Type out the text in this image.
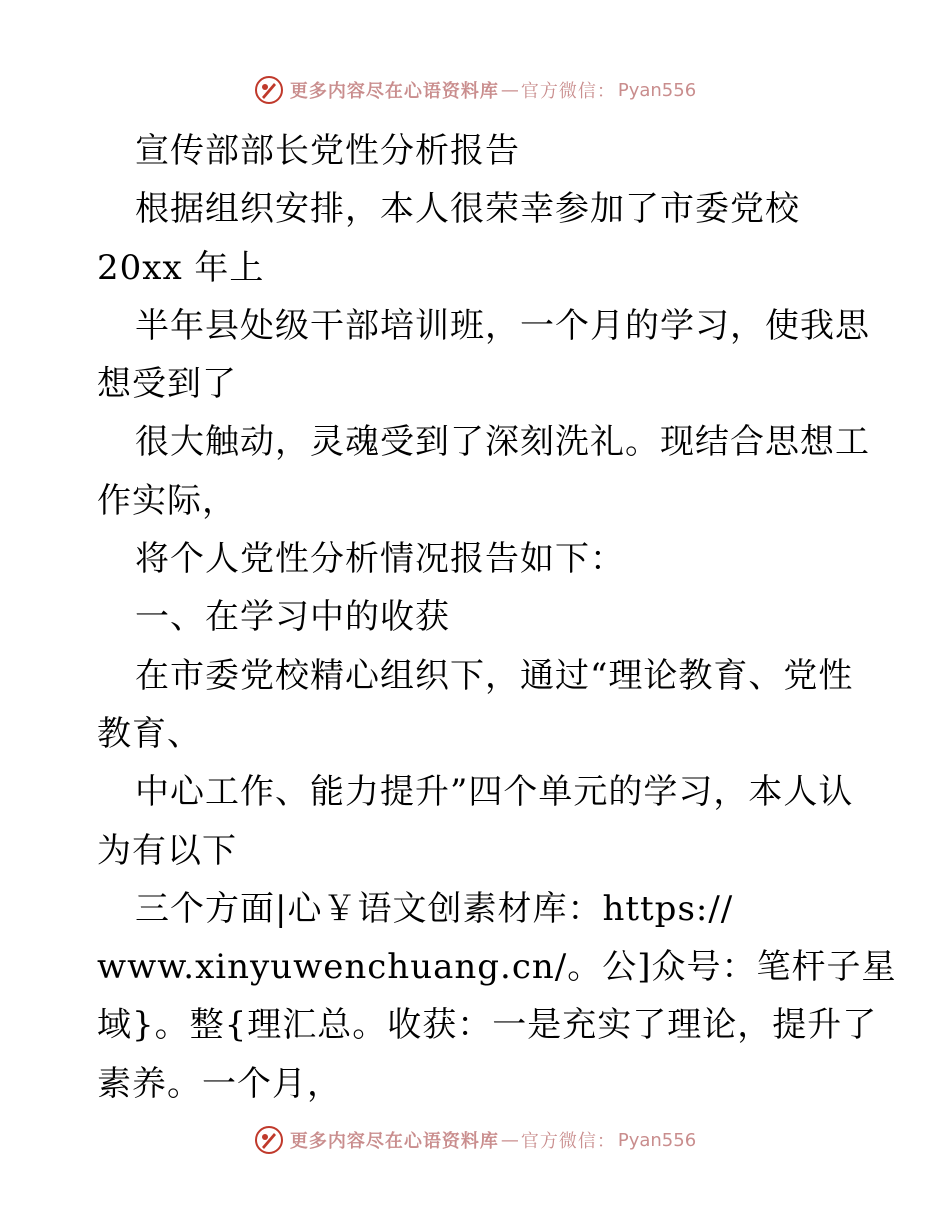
更多内容尽在心语资料库 — 官方微信： Pyan556
宣传部部长党性分析报告
根据组织安排，本人很荣幸参加了市委党校
20xx 年上
半年县处级干部培训班，一个月的学习，使我思
想受到了
很大触动，灵魂受到了深刻洗礼。现结合思想工
作实际，
将个人党性分析情况报告如下：
一、在学习中的收获
在市委党校精心组织下，通过“理论教育、党性
教育、
中心工作、能力提升”四个单元的学习，本人认
为有以下
三个方面|心￥语文创素材库：https://
www.xinyuwenchuang.cn/。公]众号：笔杆子星
域}。整{理汇总。收获：一是充实了理论，提升了
素养。一个月，
更多内容尽在心语资料库 — 官方微信： Pyan556
